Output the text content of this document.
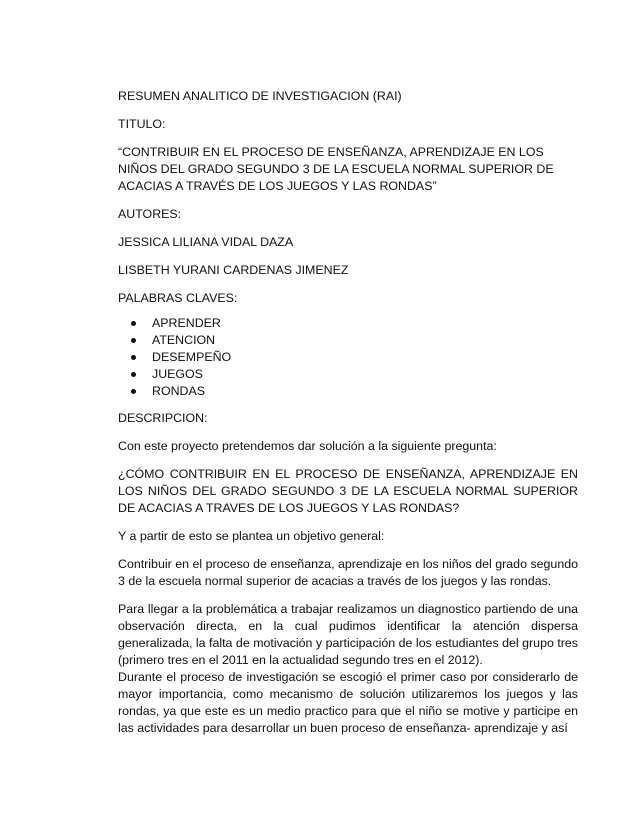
RESUMEN ANALITICO DE INVESTIGACION (RAI)

TITULO:

“CONTRIBUIR EN EL PROCESO DE ENSEÑANZA, APRENDIZAJE EN LOS NIÑOS DEL GRADO SEGUNDO 3 DE LA ESCUELA NORMAL SUPERIOR DE ACACIAS A TRAVÉS DE LOS JUEGOS Y LAS RONDAS”

AUTORES:

JESSICA LILIANA VIDAL DAZA

LISBETH YURANI CARDENAS JIMENEZ

PALABRAS CLAVES:

APRENDER
ATENCION
DESEMPEÑO
JUEGOS
RONDAS

DESCRIPCION:

Con este proyecto pretendemos dar solución a la siguiente pregunta:

¿CÓMO CONTRIBUIR EN EL PROCESO DE ENSEÑANZA, APRENDIZAJE EN LOS NIÑOS DEL GRADO SEGUNDO 3 DE LA ESCUELA NORMAL SUPERIOR DE ACACIAS A TRAVES DE LOS JUEGOS Y LAS RONDAS?

Y a partir de esto se plantea un objetivo general:

Contribuir en el proceso de enseñanza, aprendizaje en los niños del grado segundo 3 de la escuela normal superior de acacias a través de los juegos y las rondas.

Para llegar a la problemática a trabajar realizamos un diagnostico partiendo de una observación directa, en la cual pudimos identificar la atención dispersa generalizada, la falta de motivación y participación de los estudiantes del grupo tres (primero tres en el 2011 en la actualidad segundo tres en el 2012).

Durante el proceso de investigación se escogió el primer caso por considerarlo de mayor importancia, como mecanismo de solución utilizaremos los juegos y las rondas, ya que este es un medio practico para que el niño se motive y participe en las actividades para desarrollar un buen proceso de enseñanza- aprendizaje y así
